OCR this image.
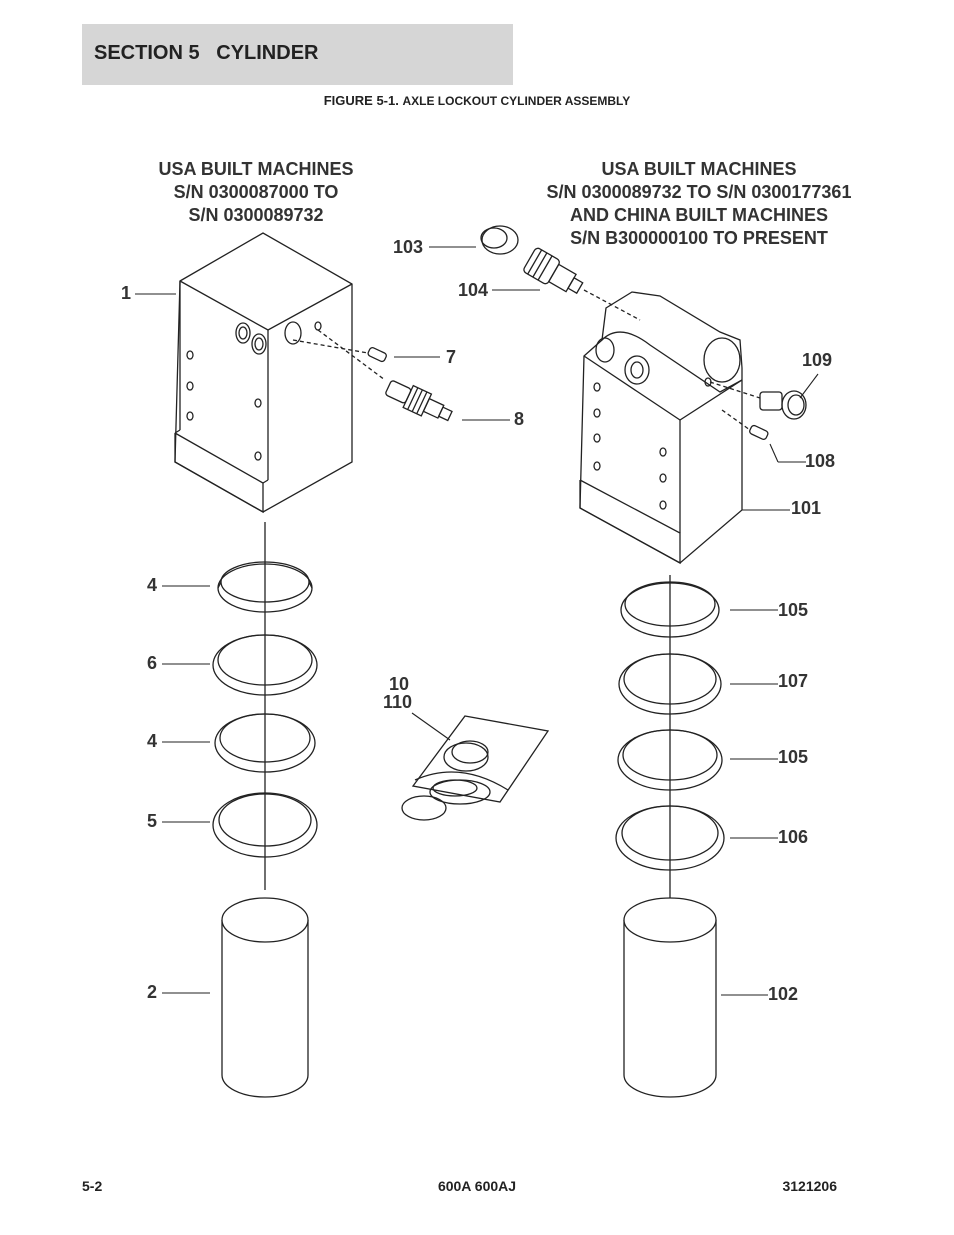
SECTION 5   CYLINDER
FIGURE 5-1. AXLE LOCKOUT CYLINDER ASSEMBLY
USA BUILT MACHINES
S/N 0300087000 TO
S/N 0300089732
USA BUILT MACHINES
S/N 0300089732 TO S/N 0300177361
AND CHINA BUILT MACHINES
S/N B300000100 TO PRESENT
1
7
8
4
6
4
5
2
10
110
103
104
109
108
101
105
107
105
106
102
5-2	600A 600AJ	3121206
